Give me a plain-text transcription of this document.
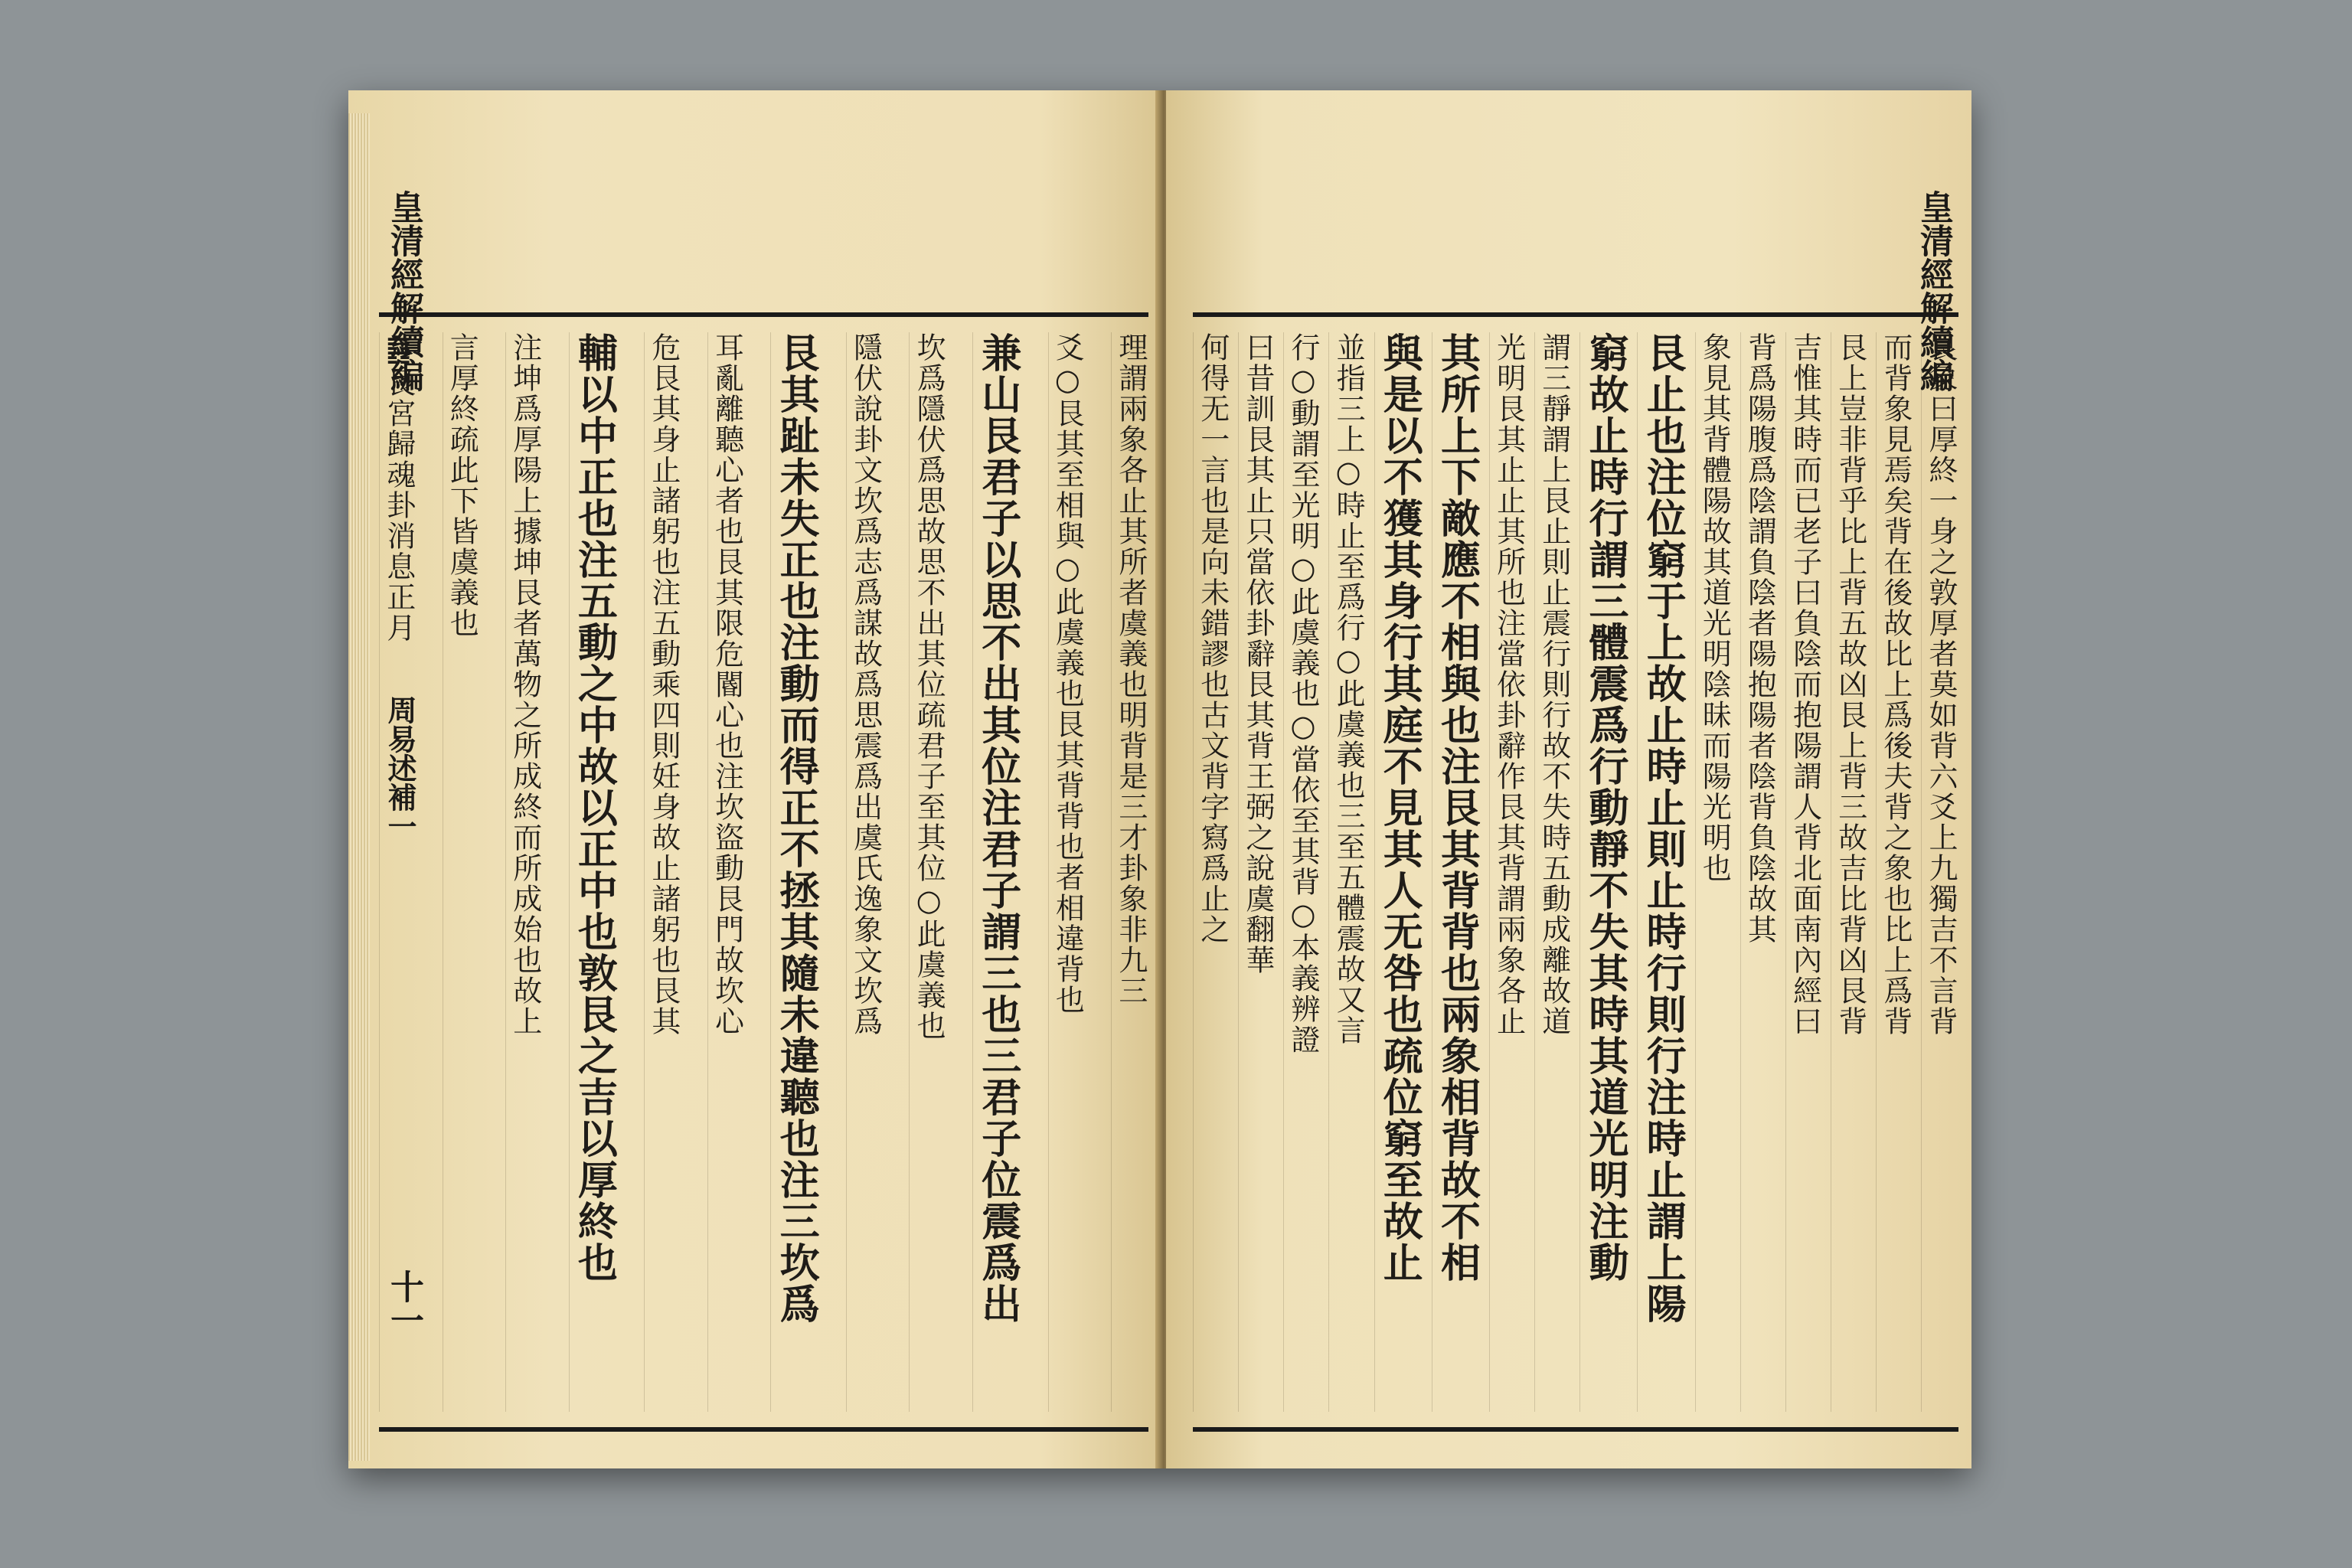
理謂兩象各止其所者虞義也明背是三才卦象非九三
爻○艮其至相與○此虞義也艮其背背也者相違背也
兼山艮君子以思不出其位注君子謂三也三君子位震爲出
坎爲隱伏爲思故思不出其位疏君子至其位○此虞義也
隱伏說卦文坎爲志爲謀故爲思震爲出虞氏逸象文坎爲
艮其趾未失正也注動而得正不拯其隨未違聽也注三坎爲
耳亂離聽心者也艮其限危閽心也注坎盜動艮門故坎心
危艮其身止諸躬也注五動乘四則妊身故止諸躬也艮其
輔以中正也注五動之中故以正中也敦艮之吉以厚終也
注坤爲厚陽上據坤艮者萬物之所成終而所成始也故上
言厚終疏此下皆虞義也
䷳艮宮歸魂卦消息正月
皇清經解續編
周易述補一
十一
艮象曰厚終一身之敦厚者莫如背六爻上九獨吉不言背
而背象見焉矣背在後故比上爲後夫背之象也比上爲背
艮上豈非背乎比上背五故凶艮上背三故吉比背凶艮背
吉惟其時而已老子曰負陰而抱陽謂人背北面南內經曰
背爲陽腹爲陰謂負陰者陽抱陽者陰背負陰故其
象見其背體陽故其道光明陰昧而陽光明也
艮止也注位窮于上故止時止則止時行則行注時止謂上陽
窮故止時行謂三體震爲行動靜不失其時其道光明注動
謂三靜謂上艮止則止震行則行故不失時五動成離故道
光明艮其止止其所也注當依卦辭作艮其背謂兩象各止
其所上下敵應不相與也注艮其背背也兩象相背故不相
與是以不獲其身行其庭不見其人无咎也疏位窮至故止
並指三上○時止至爲行○此虞義也三至五體震故又言
行○動謂至光明○此虞義也○當依至其背○本義辨證
曰昔訓艮其止只當依卦辭艮其背王弼之說虞翻華
何得无一言也是向未錯謬也古文背字寫爲止之
皇清經解續編
